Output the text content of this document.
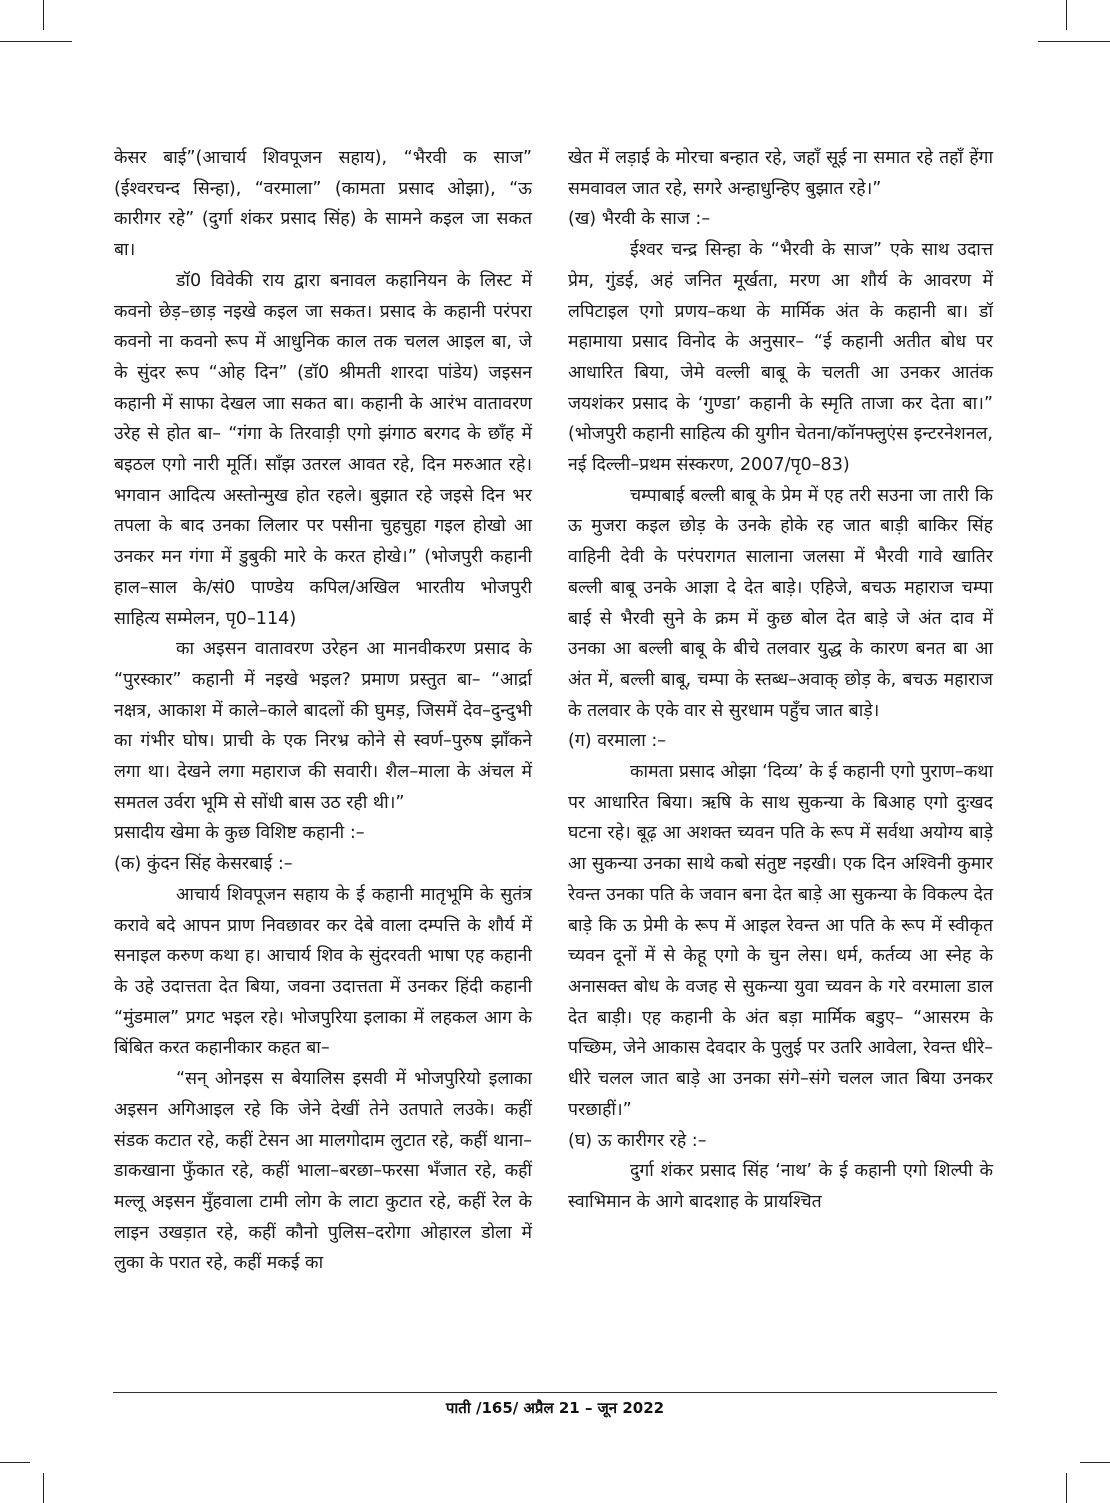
केसर बाई”(आचार्य शिवपूजन सहाय), “भैरवी क साज” (ईश्वरचन्द सिन्हा), “वरमाला” (कामता प्रसाद ओझा), “ऊ कारीगर रहे” (दुर्गा शंकर प्रसाद सिंह) के सामने कइल जा सकत बा।

डॉ0 विवेकी राय द्वारा बनावल कहानियन के लिस्ट में कवनो छेड़–छाड़ नइखे कइल जा सकत। प्रसाद के कहानी परंपरा कवनो ना कवनो रूप में आधुनिक काल तक चलल आइल बा, जे के सुंदर रूप “ओह दिन” (डॉ0 श्रीमती शारदा पांडेय) जइसन कहानी में साफा देखल जाा सकत बा। कहानी के आरंभ वातावरण उरेह से होत बा– “गंगा के तिरवाड़ी एगो झंगाठ बरगद के छाँह में बइठल एगो नारी मूर्ति। साँझ उतरल आवत रहे, दिन मरुआत रहे। भगवान आदित्य अस्तोन्मुख होत रहले। बुझात रहे जइसे दिन भर तपला के बाद उनका लिलार पर पसीना चुहचुहा गइल होखो आ उनकर मन गंगा में डुबुकी मारे के करत होखे।” (भोजपुरी कहानी हाल–साल के/सं0 पाण्डेय कपिल/अखिल भारतीय भोजपुरी साहित्य सम्मेलन, पृ0–114)

का अइसन वातावरण उरेहन आ मानवीकरण प्रसाद के “पुरस्कार” कहानी में नइखे भइल? प्रमाण प्रस्तुत बा– “आर्द्रा नक्षत्र, आकाश में काले–काले बादलों की घुमड़, जिसमें देव–दुन्दुभी का गंभीर घोष। प्राची के एक निरभ्र कोने से स्वर्ण–पुरुष झाँकने लगा था। देखने लगा महाराज की सवारी। शैल–माला के अंचल में समतल उर्वरा भूमि से सोंधी बास उठ रही थी।”

प्रसादीय खेमा के कुछ विशिष्ट कहानी :–

(क) कुंदन सिंह केसरबाई :–

आचार्य शिवपूजन सहाय के ई कहानी मातृभूमि के सुतंत्र करावे बदे आपन प्राण निवछावर कर देबे वाला दम्पत्ति के शौर्य में सनाइल करुण कथा ह। आचार्य शिव के सुंदरवती भाषा एह कहानी के उहे उदात्तता देत बिया, जवना उदात्तता में उनकर हिंदी कहानी “मुंडमाल” प्रगट भइल रहे। भोजपुरिया इलाका में लहकल आग के बिंबित करत कहानीकार कहत बा–

“सन् ओनइस स बेयालिस इसवी में भोजपुरियो इलाका अइसन अगिआइल रहे कि जेने देखीं तेने उतपाते लउके। कहीं संडक कटात रहे, कहीं टेसन आ मालगोदाम लुटात रहे, कहीं थाना–डाकखाना फुँकात रहे, कहीं भाला–बरछा–फरसा भँजात रहे, कहीं मल्लू अइसन मुँहवाला टामी लोग के लाटा कुटात रहे, कहीं रेल के लाइन उखड़ात रहे, कहीं कौनो पुलिस–दरोगा ओहारल डोला में लुका के परात रहे, कहीं मकई का

खेत में लड़ाई के मोरचा बन्हात रहे, जहाँ सूई ना समात रहे तहाँ हेंगा समवावल जात रहे, सगरे अन्हाधुन्हिए बुझात रहे।”

(ख) भैरवी के साज :–

ईश्वर चन्द्र सिन्हा के “भैरवी के साज” एके साथ उदात्त प्रेम, गुंडई, अहं जनित मूर्खता, मरण आ शौर्य के आवरण में लपिटाइल एगो प्रणय–कथा के मार्मिक अंत के कहानी बा। डॉ महामाया प्रसाद विनोद के अनुसार– “ई कहानी अतीत बोध पर आधारित बिया, जेमे वल्ली बाबू के चलती आ उनकर आतंक जयशंकर प्रसाद के ‘गुण्डा’ कहानी के स्मृति ताजा कर देता बा।” (भोजपुरी कहानी साहित्य की युगीन चेतना/कॉनफ्लुएंस इन्टरनेशनल, नई दिल्ली–प्रथम संस्करण, 2007/पृ0–83)

चम्पाबाई बल्ली बाबू के प्रेम में एह तरी सउना जा तारी कि ऊ मुजरा कइल छोड़ के उनके होके रह जात बाड़ी बाकिर सिंह वाहिनी देवी के परंपरागत सालाना जलसा में भैरवी गावे खातिर बल्ली बाबू उनके आज्ञा दे देत बाड़े। एहिजे, बचऊ महाराज चम्पा बाई से भैरवी सुने के क्रम में कुछ बोल देत बाड़े जे अंत दाव में उनका आ बल्ली बाबू के बीचे तलवार युद्ध के कारण बनत बा आ अंत में, बल्ली बाबू, चम्पा के स्तब्ध–अवाक् छोड़ के, बचऊ महाराज के तलवार के एके वार से सुरधाम पहुँच जात बाड़े।

(ग) वरमाला :–

कामता प्रसाद ओझा ‘दिव्य’ के ई कहानी एगो पुराण–कथा पर आधारित बिया। ऋषि के साथ सुकन्या के बिआह एगो दुःखद घटना रहे। बूढ़ आ अशक्त च्यवन पति के रूप में सर्वथा अयोग्य बाड़े आ सुकन्या उनका साथे कबो संतुष्ट नइखी। एक दिन अश्विनी कुमार रेवन्त उनका पति के जवान बना देत बाड़े आ सुकन्या के विकल्प देत बाड़े कि ऊ प्रेमी के रूप में आइल रेवन्त आ पति के रूप में स्वीकृत च्यवन दूनों में से केहू एगो के चुन लेस। धर्म, कर्तव्य आ स्नेह के अनासक्त बोध के वजह से सुकन्या युवा च्यवन के गरे वरमाला डाल देत बाड़ी। एह कहानी के अंत बड़ा मार्मिक बडुए– “आसरम के पच्छिम, जेने आकास देवदार के पुलुई पर उतरि आवेला, रेवन्त धीरे–धीरे चलल जात बाड़े आ उनका संगे–संगे चलल जात बिया उनकर परछाहीं।”

(घ) ऊ कारीगर रहे :–

दुर्गा शंकर प्रसाद सिंह ‘नाथ’ के ई कहानी एगो शिल्पी के स्वाभिमान के आगे बादशाह के प्रायश्चित

पाती /165/ अप्रैल 21 – जून 2022
